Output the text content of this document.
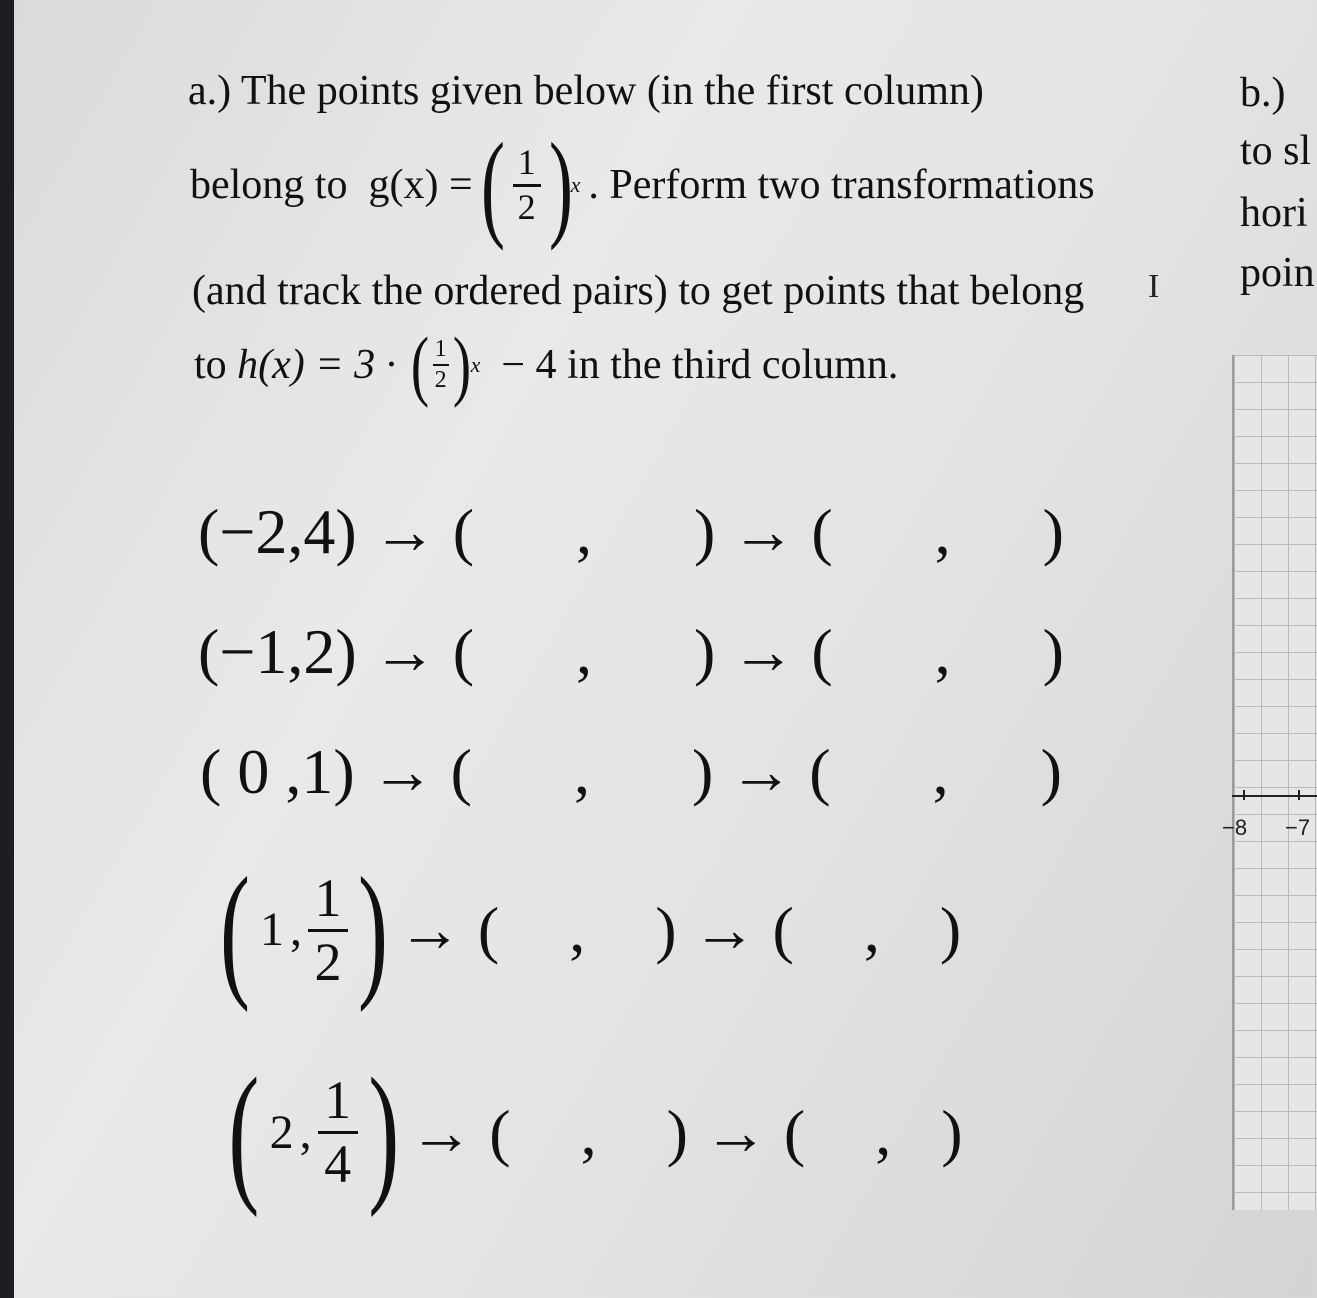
a.) The points given below (in the first column)
belong to
g(x) = ( $\frac{1}{2}$ )
x . Perform two transformations
(and track the ordered pairs) to get points that belong
to
h(x) = 3 ·
( $\frac{1}{2}$ ) x
− 4 in the third column.
I
(−2,4) → ( , ) → ( , )
(−1,2) → ( , ) → ( , )
( 0 ,1) → ( , ) → ( , )
( 1 , $\frac{1}{2}$ ) → ( , ) → ( , )
( 2 , $\frac{1}{4}$ ) → ( , ) → ( , )
b.)
to sl
hori
poin
−8 −7
